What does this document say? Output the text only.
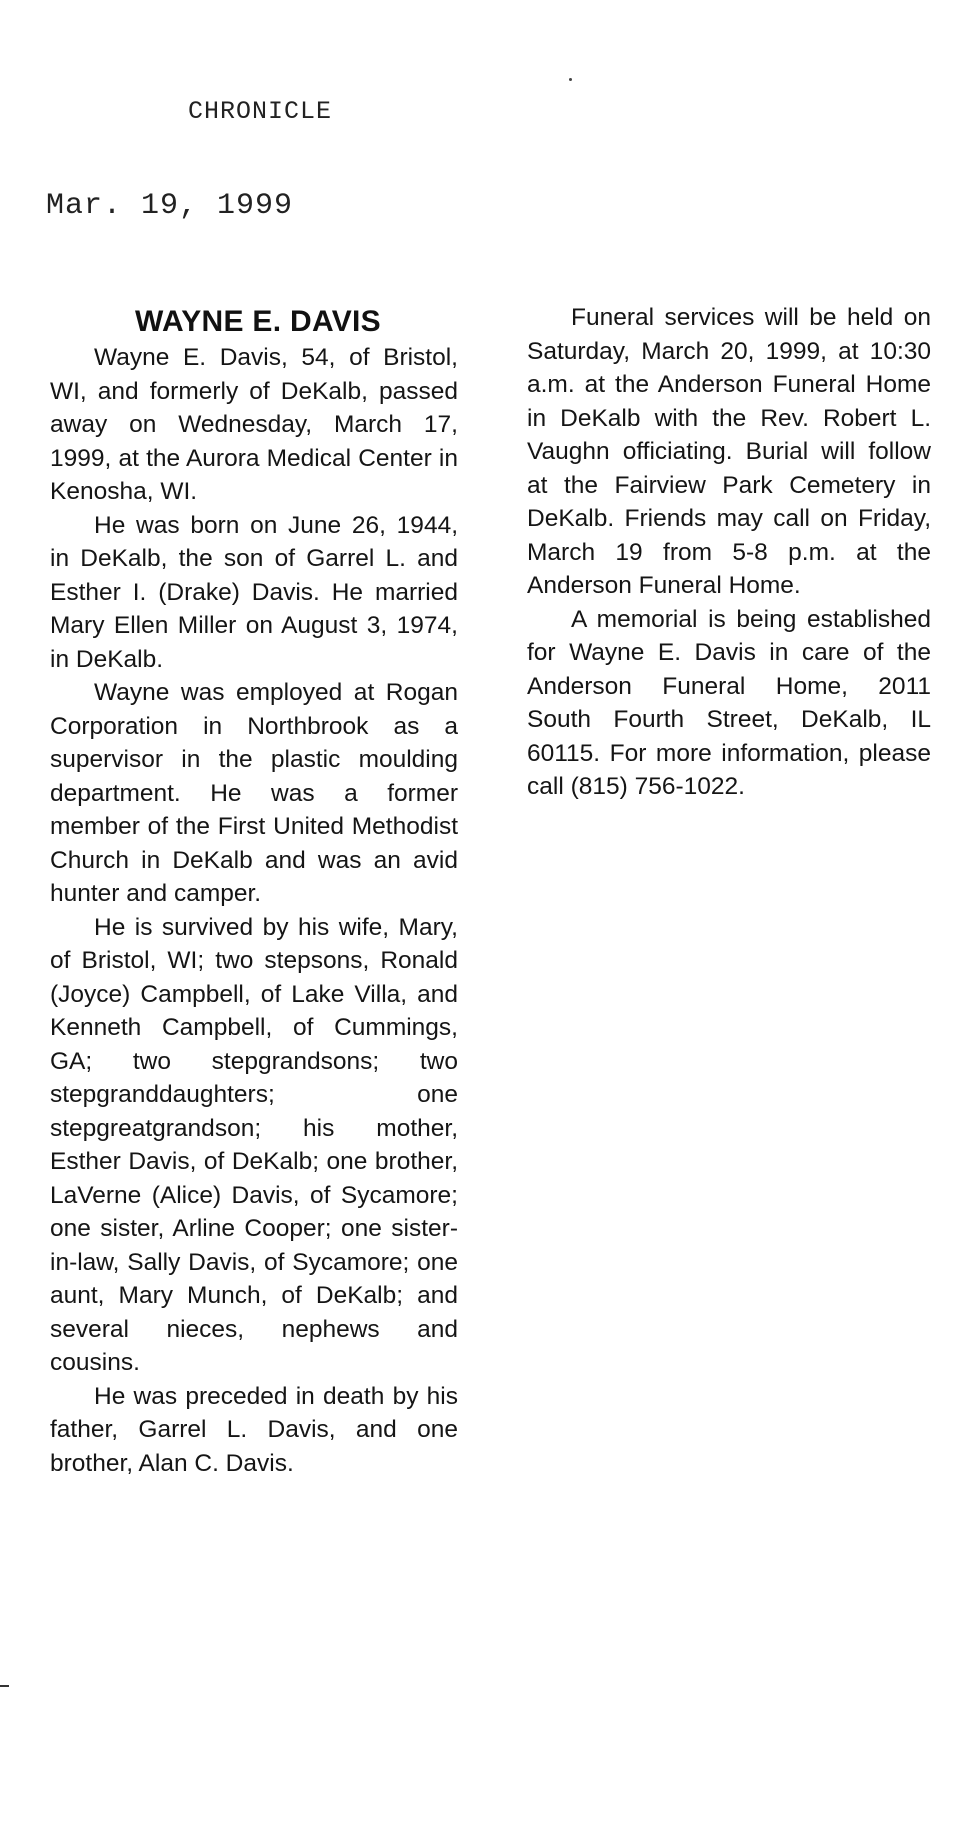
CHRONICLE
Mar. 19, 1999
WAYNE E. DAVIS

Wayne E. Davis, 54, of Bristol, WI, and formerly of DeKalb, passed away on Wednesday, March 17, 1999, at the Aurora Medical Center in Kenosha, WI.

He was born on June 26, 1944, in DeKalb, the son of Garrel L. and Esther I. (Drake) Davis. He married Mary Ellen Miller on August 3, 1974, in DeKalb.

Wayne was employed at Rogan Corporation in Northbrook as a supervisor in the plastic moulding department. He was a former member of the First United Methodist Church in DeKalb and was an avid hunter and camper.

He is survived by his wife, Mary, of Bristol, WI; two stepsons, Ronald (Joyce) Campbell, of Lake Villa, and Kenneth Campbell, of Cummings, GA; two stepgrandsons; two stepgranddaughters; one stepgreatgrandson; his mother, Esther Davis, of DeKalb; one brother, LaVerne (Alice) Davis, of Sycamore; one sister, Arline Cooper; one sister-in-law, Sally Davis, of Sycamore; one aunt, Mary Munch, of DeKalb; and several nieces, nephews and cousins.

He was preceded in death by his father, Garrel L. Davis, and one brother, Alan C. Davis.

Funeral services will be held on Saturday, March 20, 1999, at 10:30 a.m. at the Anderson Funeral Home in DeKalb with the Rev. Robert L. Vaughn officiating. Burial will follow at the Fairview Park Cemetery in DeKalb. Friends may call on Friday, March 19 from 5-8 p.m. at the Anderson Funeral Home.

A memorial is being established for Wayne E. Davis in care of the Anderson Funeral Home, 2011 South Fourth Street, DeKalb, IL 60115. For more information, please call (815) 756-1022.
